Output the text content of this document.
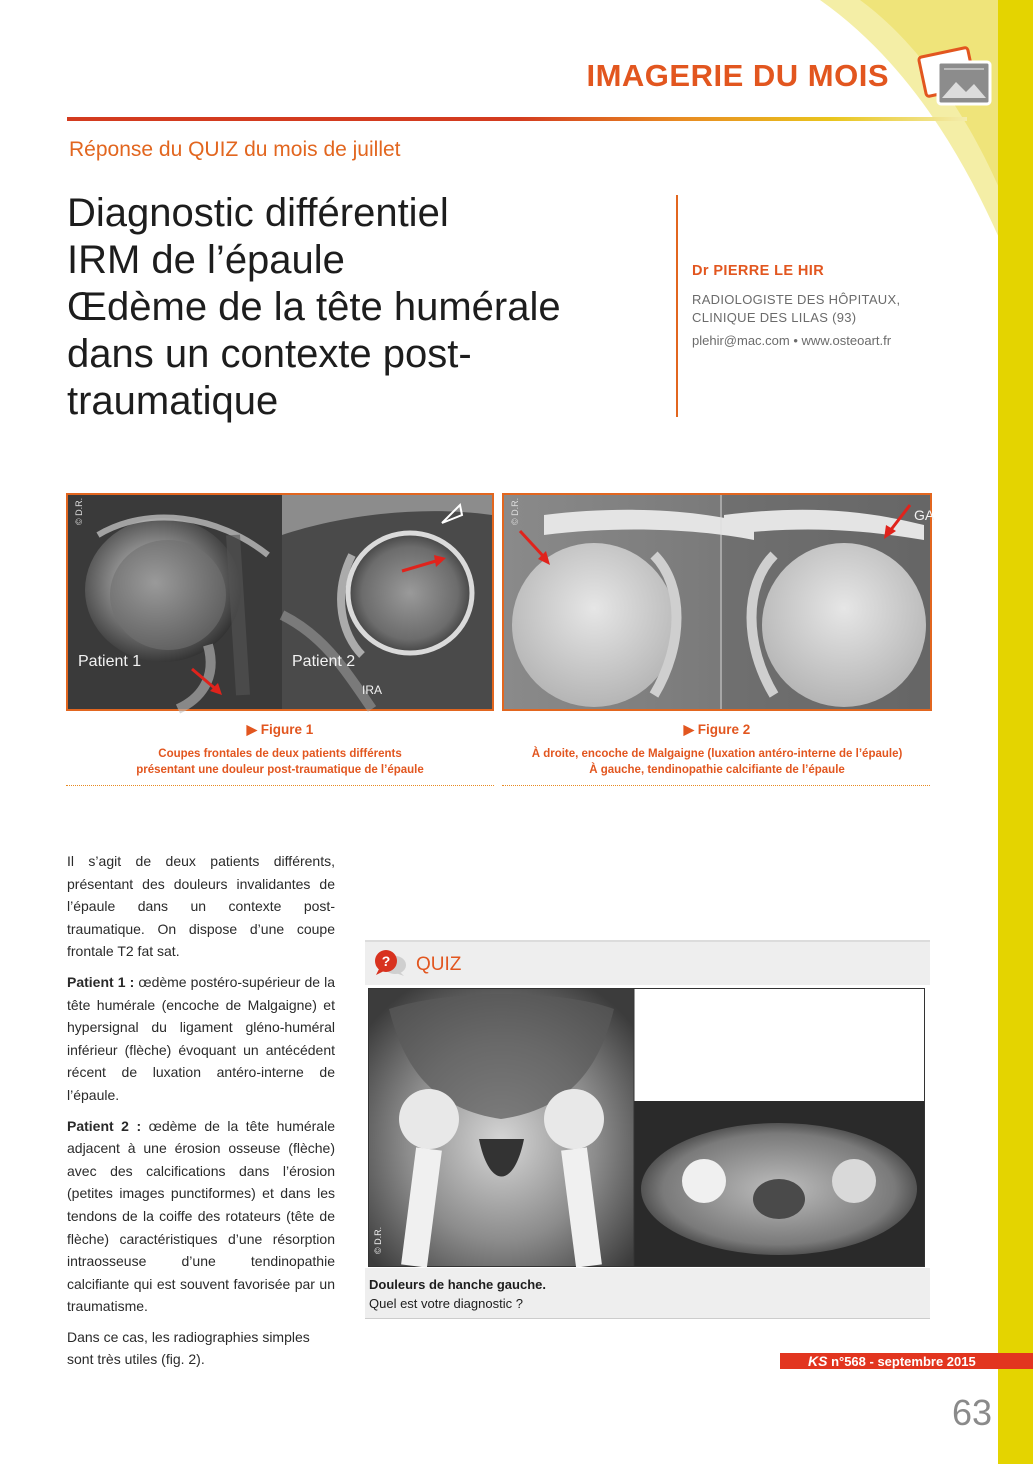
IMAGERIE DU MOIS
Réponse du QUIZ du mois de juillet
Diagnostic différentiel
IRM de l’épaule
Œdème de la tête humérale
dans un contexte post-
traumatique
Dr PIERRE LE HIR
RADIOLOGISTE DES HÔPITAUX,
CLINIQUE DES LILAS (93)
plehir@mac.com • www.osteoart.fr
Patient 1	Patient 2
IRA
© D.R.	© D.R.	GA
▶ Figure 1
Coupes frontales de deux patients différents
présentant une douleur post-traumatique de l’épaule
▶ Figure 2
À droite, encoche de Malgaigne (luxation antéro-interne de l’épaule)
À gauche, tendinopathie calcifiante de l’épaule

Il s’agit de deux patients différents, présentant des douleurs invalidantes de l’épaule dans un contexte post-traumatique. On dispose d’une coupe frontale T2 fat sat.

Patient 1 : œdème postéro-supérieur de la tête humérale (encoche de Malgaigne) et hypersignal du ligament gléno-huméral inférieur (flèche) évoquant un antécédent récent de luxation antéro-interne de l’épaule.

Patient 2 : œdème de la tête humérale adjacent à une érosion osseuse (flèche) avec des calcifications dans l’érosion (petites images punctiformes) et dans les tendons de la coiffe des rotateurs (tête de flèche) caractéristiques d’une résorption intraosseuse d’une tendinopathie calcifiante qui est souvent favorisée par un traumatisme.

Dans ce cas, les radiographies simples sont très utiles (fig. 2).

? QUIZ
© D.R.
Douleurs de hanche gauche.
Quel est votre diagnostic ?
KS n°568 - septembre 2015
63
